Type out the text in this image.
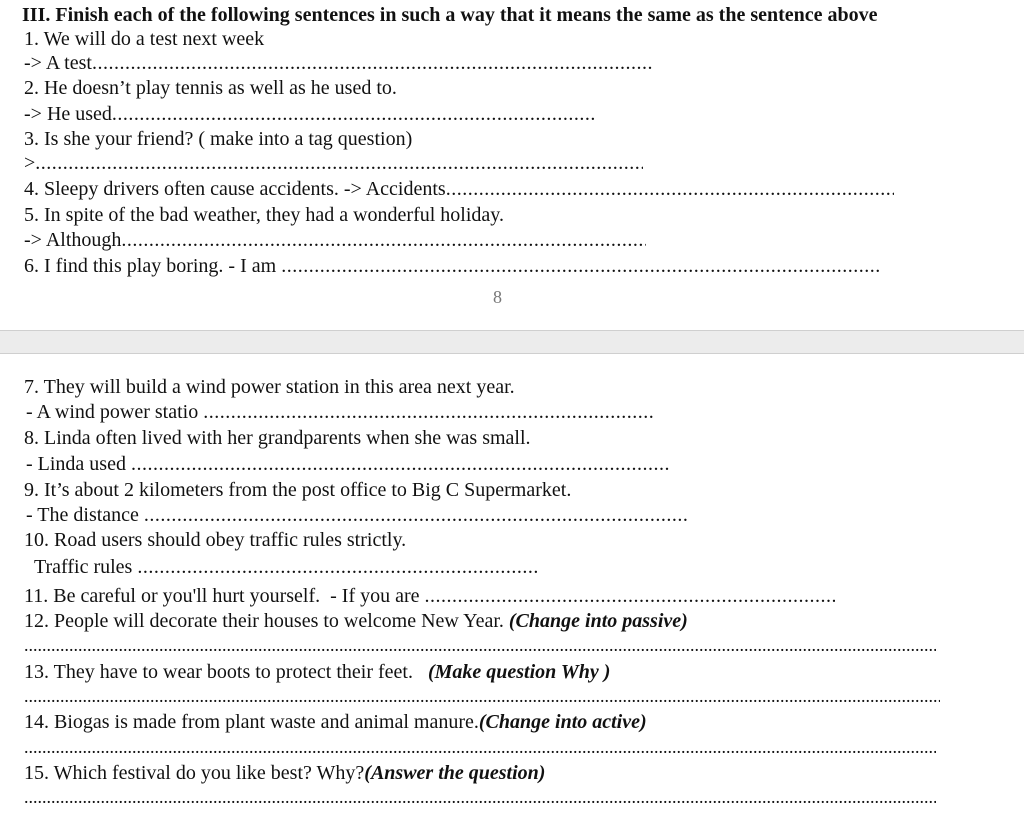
III. Finish each of the following sentences in such a way that it means the same as the sentence above
1. We will do a test next week
-> A test.....
2. He doesn’t play tennis as well as he used to.
-> He used.....
3. Is she your friend? ( make into a tag question)
>.....
4. Sleepy drivers often cause accidents. -> Accidents.....
5. In spite of the bad weather, they had a wonderful holiday.
-> Although.....
6. I find this play boring. - I am .....
8
7. They will build a wind power station in this area next year.
- A wind power statio .....
8. Linda often lived with her grandparents when she was small.
- Linda used .....
9. It’s about 2 kilometers from the post office to Big C Supermarket.
- The distance .....
10. Road users should obey traffic rules strictly.
Traffic rules .....
11. Be careful or you'll hurt yourself. - If you are .....
12. People will decorate their houses to welcome New Year. (Change into passive)
.....
13. They have to wear boots to protect their feet. (Make question Why )
.....
14. Biogas is made from plant waste and animal manure.(Change into active)
.....
15. Which festival do you like best? Why?(Answer the question)
.....
